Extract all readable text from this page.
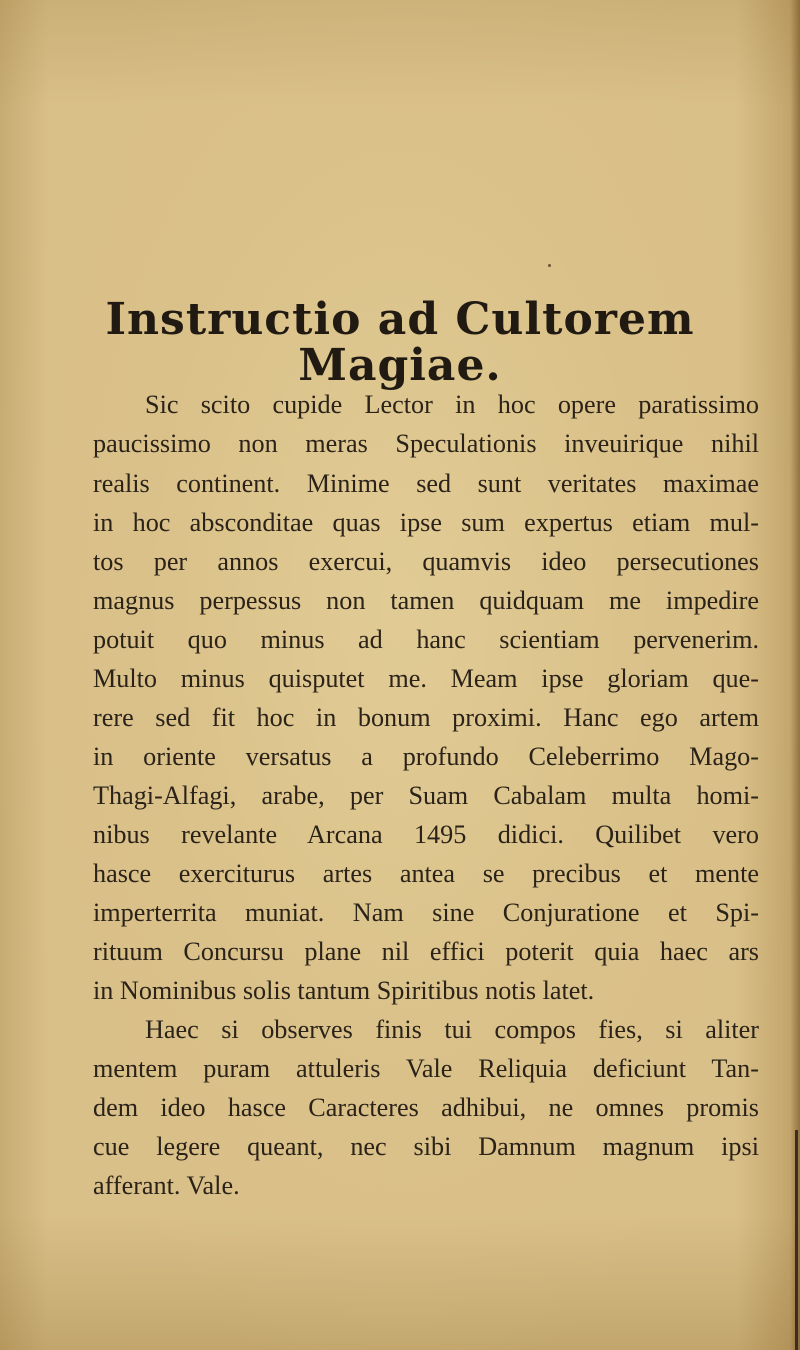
Instructio ad Cultorem
Magiae.
Sic scito cupide Lector in hoc opere paratissimo
paucissimo non meras Speculationis inveuirique nihil
realis continent. Minime sed sunt veritates maximae
in hoc absconditae quas ipse sum expertus etiam mul-
tos per annos exercui, quamvis ideo persecutiones
magnus perpessus non tamen quidquam me impedire
potuit quo minus ad hanc scientiam pervenerim.
Multo minus quisputet me. Meam ipse gloriam que-
rere sed fit hoc in bonum proximi. Hanc ego artem
in oriente versatus a profundo Celeberrimo Mago-
Thagi-Alfagi, arabe, per Suam Cabalam multa homi-
nibus revelante Arcana 1495 didici. Quilibet vero
hasce exerciturus artes antea se precibus et mente
imperterrita muniat. Nam sine Conjuratione et Spi-
rituum Concursu plane nil effici poterit quia haec ars
in Nominibus solis tantum Spiritibus notis latet.
Haec si observes finis tui compos fies, si aliter
mentem puram attuleris Vale Reliquia deficiunt Tan-
dem ideo hasce Caracteres adhibui, ne omnes promis
cue legere queant, nec sibi Damnum magnum ipsi
afferant. Vale.
